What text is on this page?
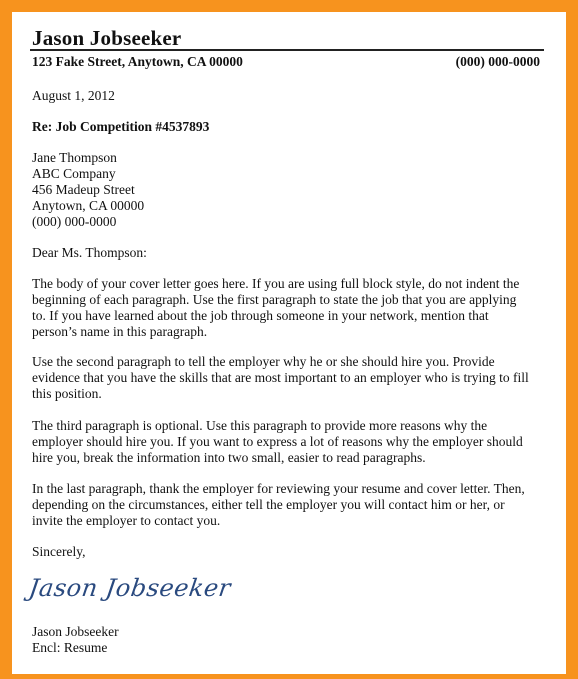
Jason Jobseeker
123 Fake Street, Anytown, CA 00000	(000) 000-0000
August 1, 2012
Re: Job Competition #4537893
Jane Thompson
ABC Company
456 Madeup Street
Anytown, CA 00000
(000) 000-0000
Dear Ms. Thompson:
The body of your cover letter goes here. If you are using full block style, do not indent the
beginning of each paragraph. Use the first paragraph to state the job that you are applying
to. If you have learned about the job through someone in your network, mention that
person’s name in this paragraph.
Use the second paragraph to tell the employer why he or she should hire you. Provide
evidence that you have the skills that are most important to an employer who is trying to fill
this position.
The third paragraph is optional. Use this paragraph to provide more reasons why the
employer should hire you. If you want to express a lot of reasons why the employer should
hire you, break the information into two small, easier to read paragraphs.
In the last paragraph, thank the employer for reviewing your resume and cover letter. Then,
depending on the circumstances, either tell the employer you will contact him or her, or
invite the employer to contact you.
Sincerely,
Jason Jobseeker
Jason Jobseeker
Encl: Resume
